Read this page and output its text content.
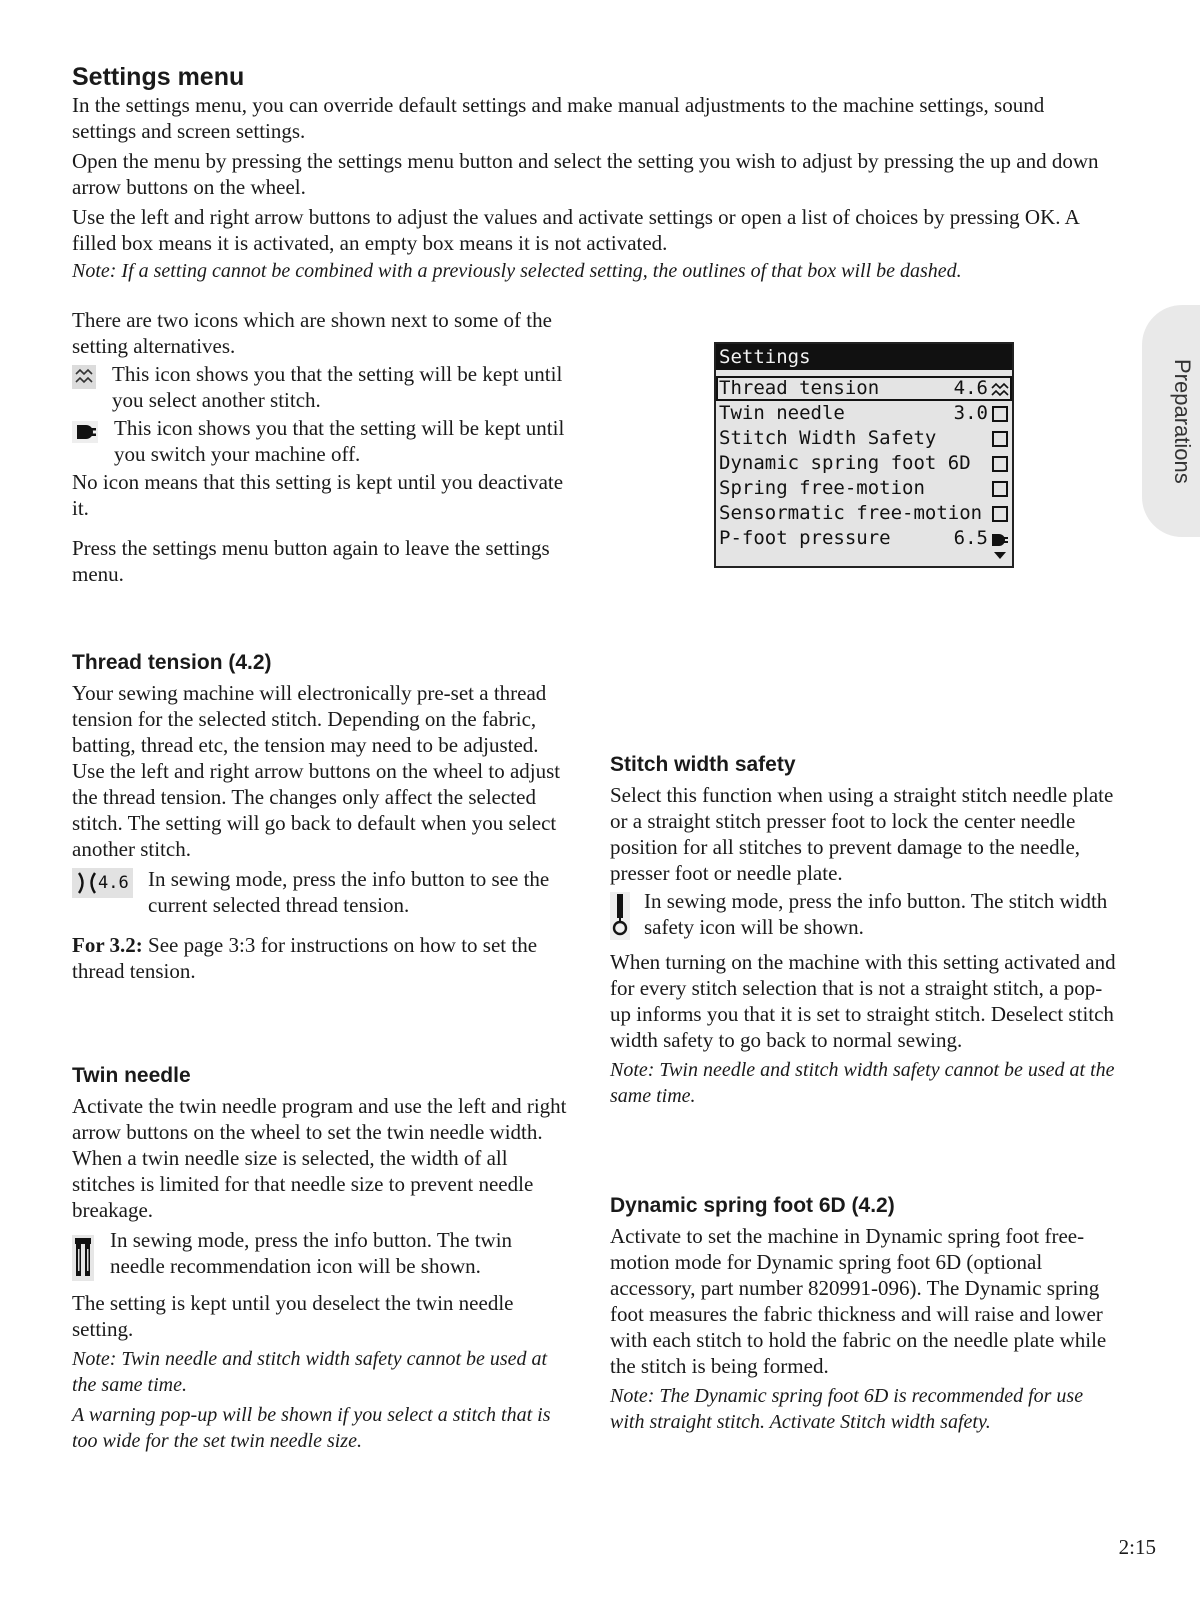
Settings menu

In the settings menu, you can override default settings and make manual adjustments to the machine settings, sound settings and screen settings.

Open the menu by pressing the settings menu button and select the setting you wish to adjust by pressing the up and down arrow buttons on the wheel.

Use the left and right arrow buttons to adjust the values and activate settings or open a list of choices by pressing OK. A filled box means it is activated, an empty box means it is not activated.

Note: If a setting cannot be combined with a previously selected setting, the outlines of that box will be dashed.

There are two icons which are shown next to some of the setting alternatives.

This icon shows you that the setting will be kept until you select another stitch.

This icon shows you that the setting will be kept until you switch your machine off.

No icon means that this setting is kept until you deactivate it.

Press the settings menu button again to leave the settings menu.

Settings
Thread tension	4.6
Twin needle	3.0
Stitch Width Safety
Dynamic spring foot 6D
Spring free-motion
Sensormatic free-motion
P-foot pressure	6.5
Preparations
Thread tension (4.2)

Your sewing machine will electronically pre-set a thread tension for the selected stitch. Depending on the fabric, batting, thread etc, the tension may need to be adjusted. Use the left and right arrow buttons on the wheel to adjust the thread tension. The changes only affect the selected stitch. The setting will go back to default when you select another stitch.

4.6 In sewing mode, press the info button to see the current selected thread tension.

For 3.2: See page 3:3 for instructions on how to set the thread tension.

Twin needle

Activate the twin needle program and use the left and right arrow buttons on the wheel to set the twin needle width. When a twin needle size is selected, the width of all stitches is limited for that needle size to prevent needle breakage.

In sewing mode, press the info button. The twin needle recommendation icon will be shown.

The setting is kept until you deselect the twin needle setting.

Note: Twin needle and stitch width safety cannot be used at the same time.

A warning pop-up will be shown if you select a stitch that is too wide for the set twin needle size.

Stitch width safety

Select this function when using a straight stitch needle plate or a straight stitch presser foot to lock the center needle position for all stitches to prevent damage to the needle, presser foot or needle plate.

In sewing mode, press the info button. The stitch width safety icon will be shown.

When turning on the machine with this setting activated and for every stitch selection that is not a straight stitch, a pop-up informs you that it is set to straight stitch. Deselect stitch width safety to go back to normal sewing.

Note: Twin needle and stitch width safety cannot be used at the same time.

Dynamic spring foot 6D (4.2)

Activate to set the machine in Dynamic spring foot free-motion mode for Dynamic spring foot 6D (optional accessory, part number 820991-096). The Dynamic spring foot measures the fabric thickness and will raise and lower with each stitch to hold the fabric on the needle plate while the stitch is being formed.

Note: The Dynamic spring foot 6D is recommended for use with straight stitch. Activate Stitch width safety.

2:15
